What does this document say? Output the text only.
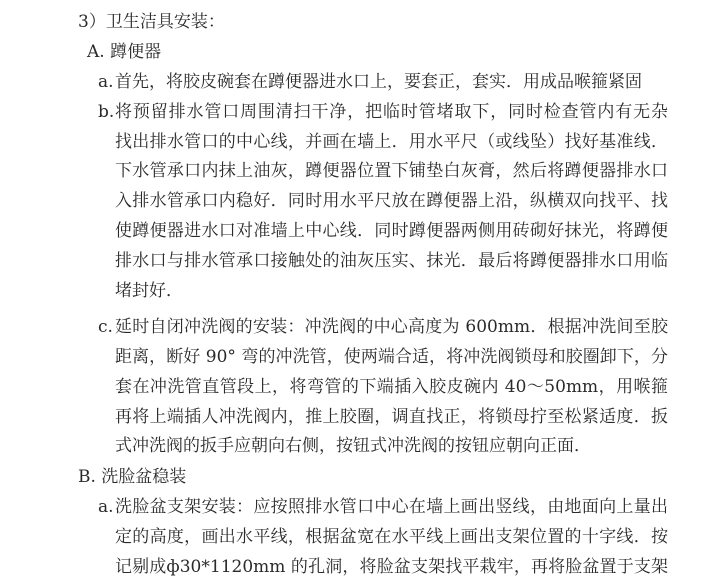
3）卫生洁具安装：
A. 蹲便器
a. 首先，将胶皮碗套在蹲便器进水口上，要套正，套实．用成品喉箍紧固
b. 将预留排水管口周围清扫干净，把临时管堵取下，同时检查管内有无杂
找出排水管口的中心线，并画在墙上．用水平尺（或线坠）找好基准线．
下水管承口内抹上油灰，蹲便器位置下铺垫白灰膏，然后将蹲便器排水口
入排水管承口内稳好．同时用水平尺放在蹲便器上沿，纵横双向找平、找
使蹲便器进水口对准墙上中心线．同时蹲便器两侧用砖砌好抹光，将蹲便
排水口与排水管承口接触处的油灰压实、抹光．最后将蹲便器排水口用临
堵封好．
c. 延时自闭冲洗阀的安装：冲洗阀的中心高度为 600mm．根据冲洗间至胶
距离，断好 90° 弯的冲洗管，使两端合适，将冲洗阀锁母和胶圈卸下，分
套在冲洗管直管段上，将弯管的下端插入胶皮碗内 40～50mm，用喉箍
再将上端插人冲洗阀内，推上胶圈，调直找正，将锁母拧至松紧适度．扳
式冲洗阀的扳手应朝向右侧，按钮式冲洗阀的按钮应朝向正面．
B. 洗脸盆稳装
a. 洗脸盆支架安装：应按照排水管口中心在墙上画出竖线，由地面向上量出
定的高度，画出水平线，根据盆宽在水平线上画出支架位置的十字线．按
记剔成ф30*1120mm 的孔洞，将脸盆支架找平栽牢，再将脸盆置于支架
